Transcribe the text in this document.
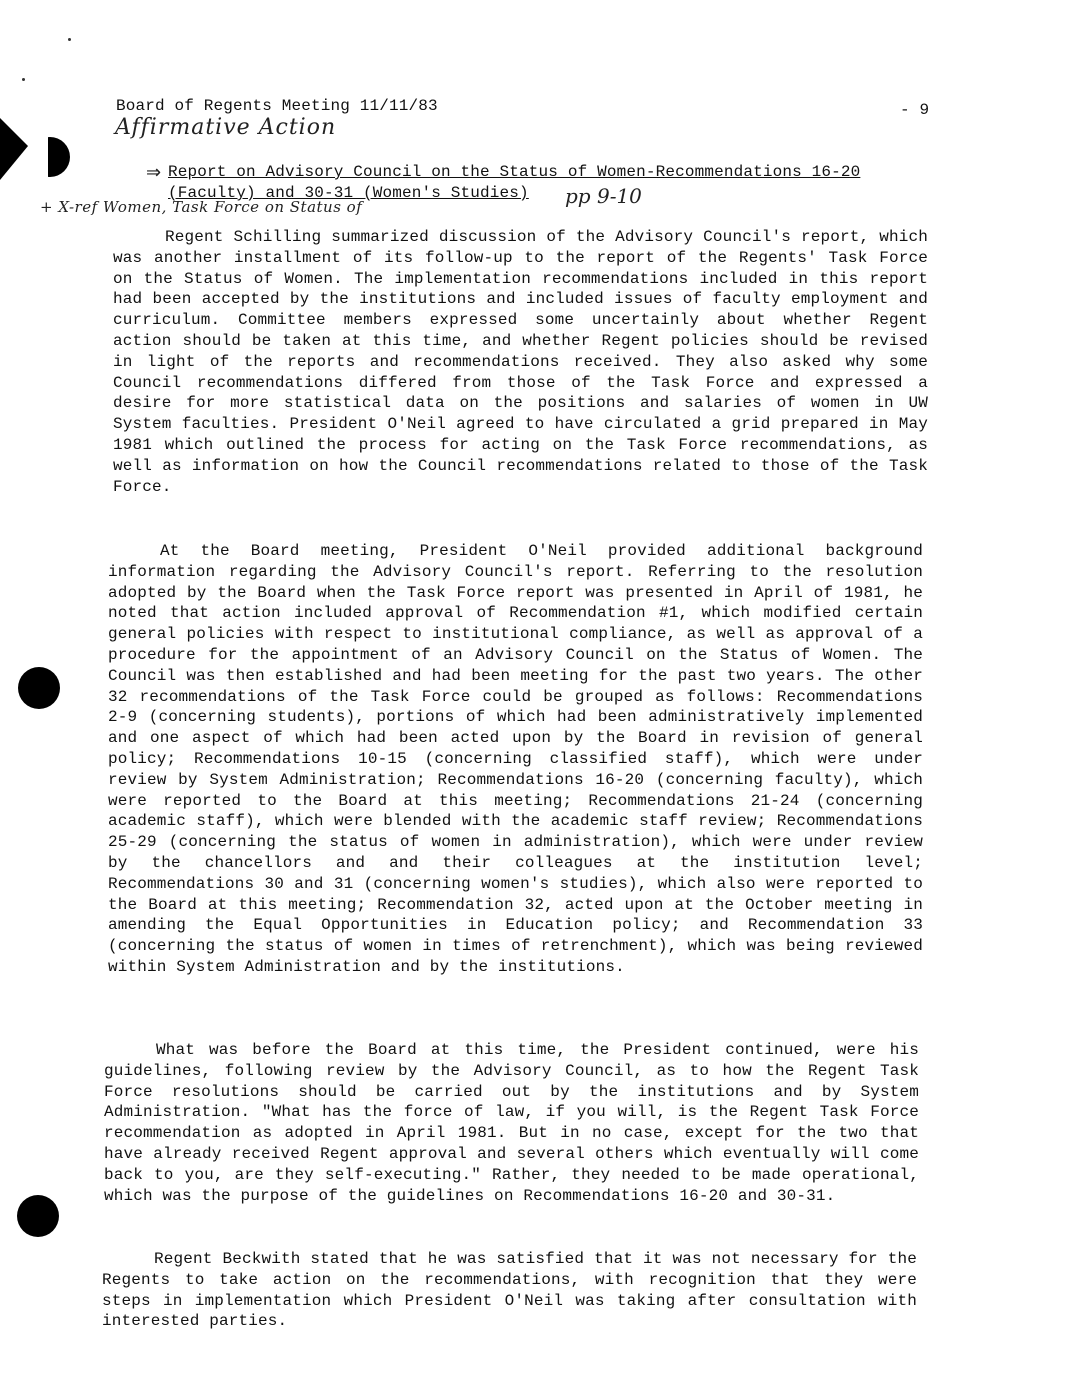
Board of Regents Meeting 11/11/83	- 9
Affirmative Action
⇒ Report on Advisory Council on the Status of Women-Recommendations 16-20 (Faculty) and 30-31 (Women's Studies)	pp 9-10
+ X-ref Women, Task Force on Status of
Regent Schilling summarized discussion of the Advisory Council's report, which was another installment of its follow-up to the report of the Regents' Task Force on the Status of Women. The implementation recommendations included in this report had been accepted by the institutions and included issues of faculty employment and curriculum. Committee members expressed some uncertainly about whether Regent action should be taken at this time, and whether Regent policies should be revised in light of the reports and recommendations received. They also asked why some Council recommendations differed from those of the Task Force and expressed a desire for more statistical data on the positions and salaries of women in UW System faculties. President O'Neil agreed to have circulated a grid prepared in May 1981 which outlined the process for acting on the Task Force recommendations, as well as information on how the Council recommendations related to those of the Task Force.
At the Board meeting, President O'Neil provided additional background information regarding the Advisory Council's report. Referring to the resolution adopted by the Board when the Task Force report was presented in April of 1981, he noted that action included approval of Recommendation #1, which modified certain general policies with respect to institutional compliance, as well as approval of a procedure for the appointment of an Advisory Council on the Status of Women. The Council was then established and had been meeting for the past two years. The other 32 recommendations of the Task Force could be grouped as follows: Recommendations 2-9 (concerning students), portions of which had been administratively implemented and one aspect of which had been acted upon by the Board in revision of general policy; Recommendations 10-15 (concerning classified staff), which were under review by System Administration; Recommendations 16-20 (concerning faculty), which were reported to the Board at this meeting; Recommendations 21-24 (concerning academic staff), which were blended with the academic staff review; Recommendations 25-29 (concerning the status of women in administration), which were under review by the chancellors and and their colleagues at the institution level; Recommendations 30 and 31 (concerning women's studies), which also were reported to the Board at this meeting; Recommendation 32, acted upon at the October meeting in amending the Equal Opportunities in Education policy; and Recommendation 33 (concerning the status of women in times of retrenchment), which was being reviewed within System Administration and by the institutions.
What was before the Board at this time, the President continued, were his guidelines, following review by the Advisory Council, as to how the Regent Task Force resolutions should be carried out by the institutions and by System Administration. "What has the force of law, if you will, is the Regent Task Force recommendation as adopted in April 1981. But in no case, except for the two that have already received Regent approval and several others which eventually will come back to you, are they self-executing." Rather, they needed to be made operational, which was the purpose of the guidelines on Recommendations 16-20 and 30-31.
Regent Beckwith stated that he was satisfied that it was not necessary for the Regents to take action on the recommendations, with recognition that they were steps in implementation which President O'Neil was taking after consultation with interested parties.
